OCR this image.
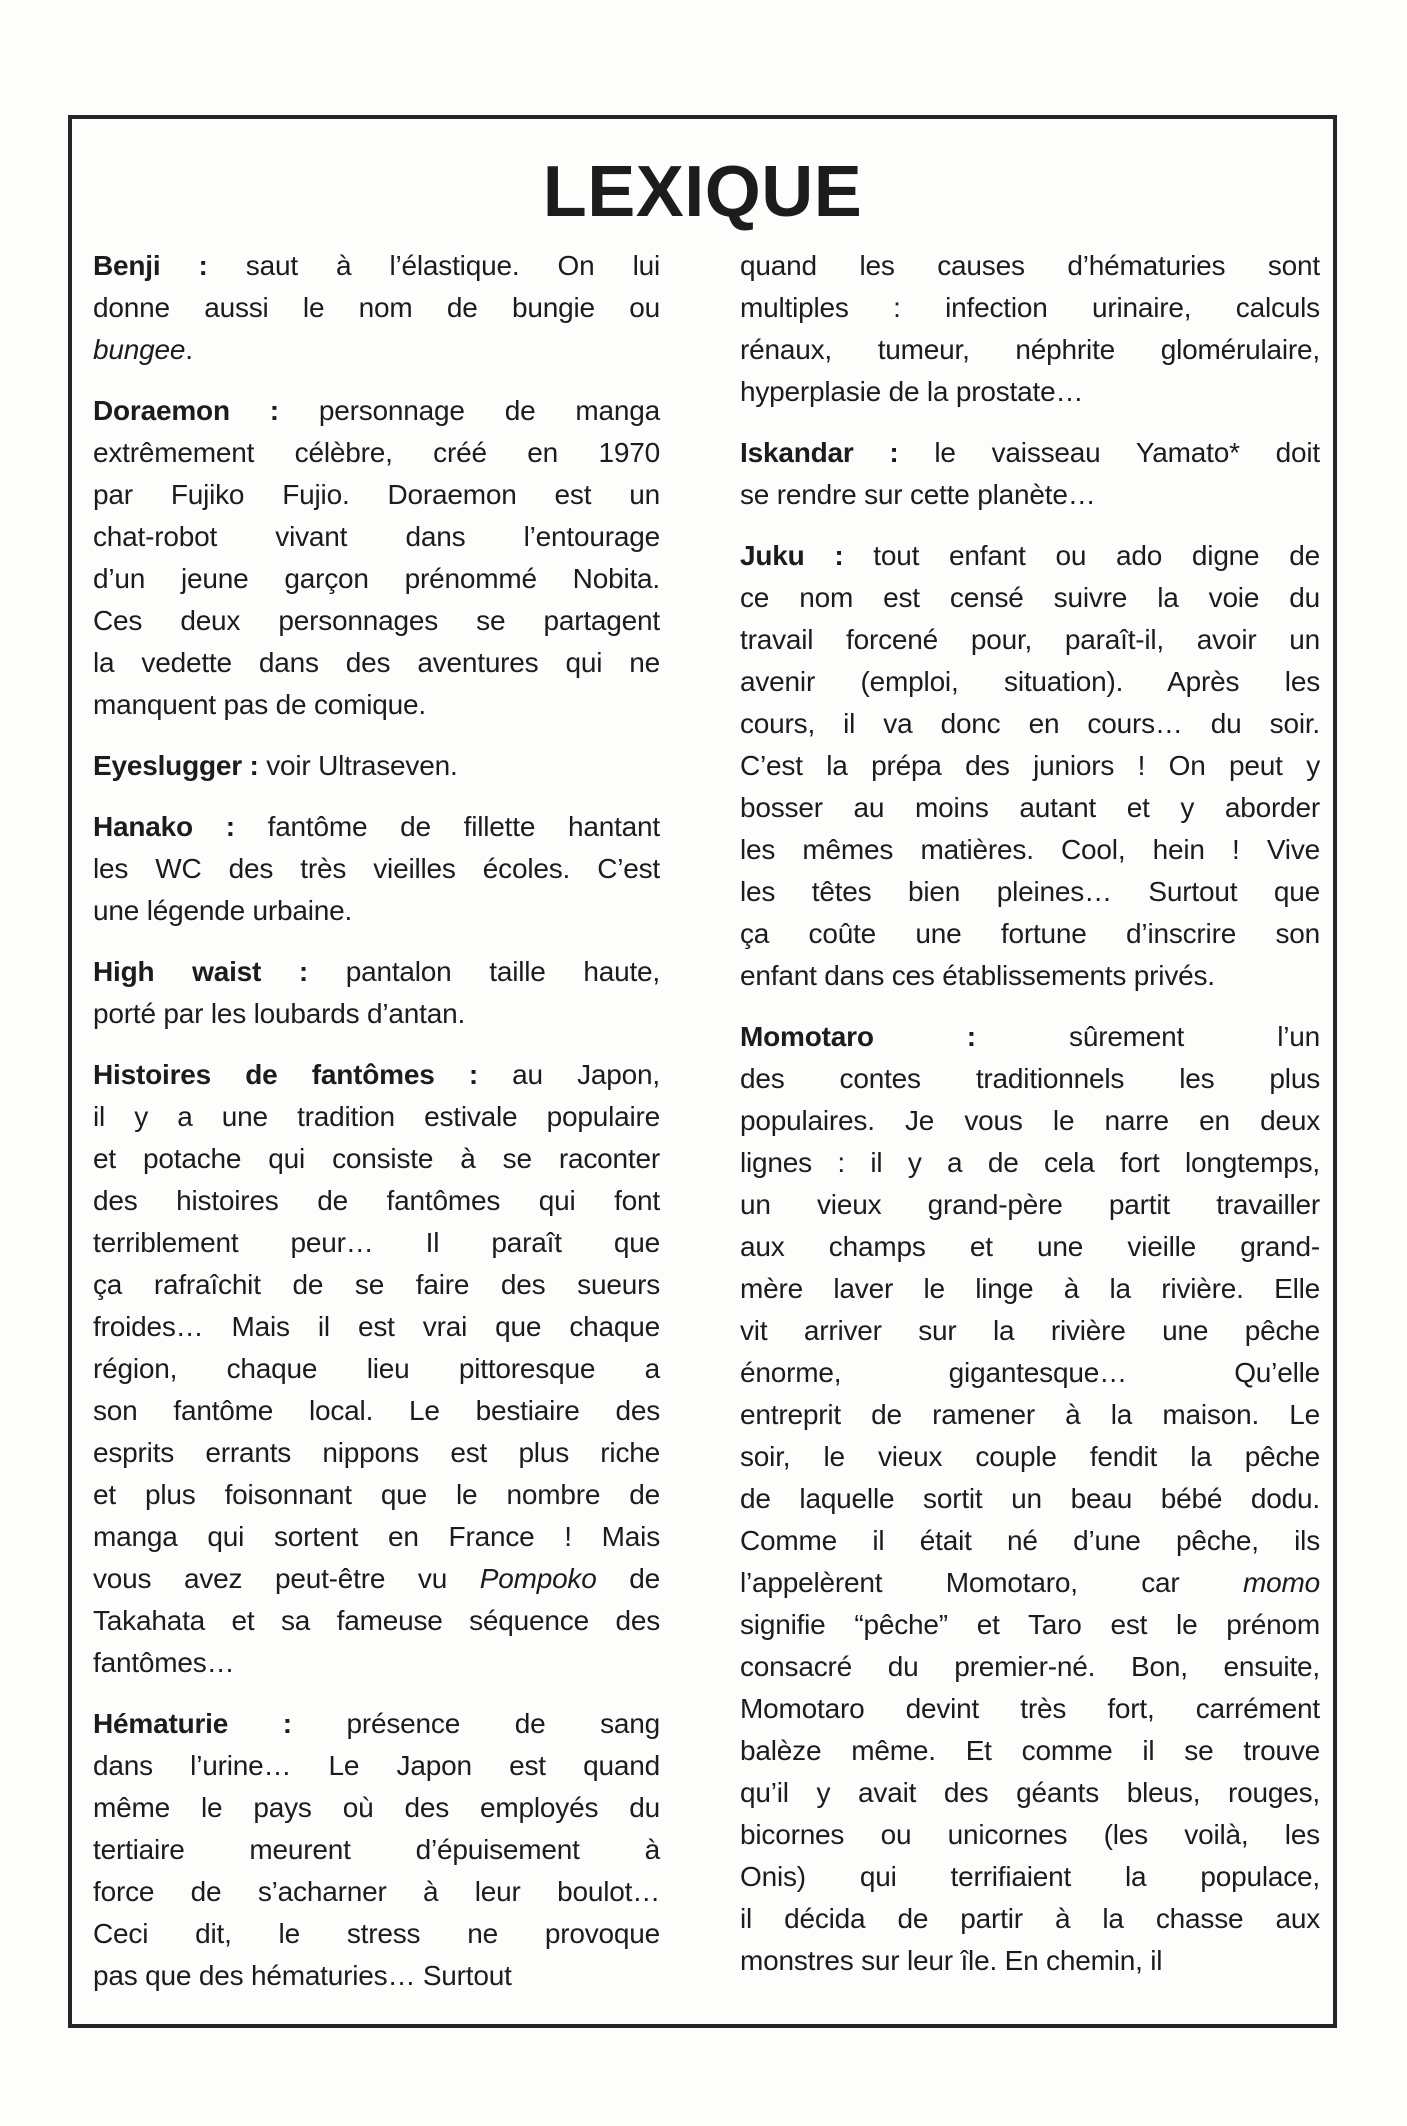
LEXIQUE
Benji : saut à l’élastique. On lui
donne aussi le nom de bungie ou
bungee.
Doraemon : personnage de manga
extrêmement célèbre, créé en 1970
par Fujiko Fujio. Doraemon est un
chat-robot vivant dans l’entourage
d’un jeune garçon prénommé Nobita.
Ces deux personnages se partagent
la vedette dans des aventures qui ne
manquent pas de comique.
Eyeslugger : voir Ultraseven.
Hanako : fantôme de fillette hantant
les WC des très vieilles écoles. C’est
une légende urbaine.
High waist : pantalon taille haute,
porté par les loubards d’antan.
Histoires de fantômes : au Japon,
il y a une tradition estivale populaire
et potache qui consiste à se raconter
des histoires de fantômes qui font
terriblement peur… Il paraît que
ça rafraîchit de se faire des sueurs
froides… Mais il est vrai que chaque
région, chaque lieu pittoresque a
son fantôme local. Le bestiaire des
esprits errants nippons est plus riche
et plus foisonnant que le nombre de
manga qui sortent en France ! Mais
vous avez peut-être vu Pompoko de
Takahata et sa fameuse séquence des
fantômes…
Hématurie : présence de sang
dans l’urine… Le Japon est quand
même le pays où des employés du
tertiaire meurent d’épuisement à
force de s’acharner à leur boulot…
Ceci dit, le stress ne provoque
pas que des hématuries… Surtout
quand les causes d’hématuries sont
multiples : infection urinaire, calculs
rénaux, tumeur, néphrite glomérulaire,
hyperplasie de la prostate…
Iskandar : le vaisseau Yamato* doit
se rendre sur cette planète…
Juku : tout enfant ou ado digne de
ce nom est censé suivre la voie du
travail forcené pour, paraît-il, avoir un
avenir (emploi, situation). Après les
cours, il va donc en cours… du soir.
C’est la prépa des juniors ! On peut y
bosser au moins autant et y aborder
les mêmes matières. Cool, hein ! Vive
les têtes bien pleines… Surtout que
ça coûte une fortune d’inscrire son
enfant dans ces établissements privés.
Momotaro : sûrement l’un
des contes traditionnels les plus
populaires. Je vous le narre en deux
lignes : il y a de cela fort longtemps,
un vieux grand-père partit travailler
aux champs et une vieille grand-
mère laver le linge à la rivière. Elle
vit arriver sur la rivière une pêche
énorme, gigantesque… Qu’elle
entreprit de ramener à la maison. Le
soir, le vieux couple fendit la pêche
de laquelle sortit un beau bébé dodu.
Comme il était né d’une pêche, ils
l’appelèrent Momotaro, car momo
signifie “pêche” et Taro est le prénom
consacré du premier-né. Bon, ensuite,
Momotaro devint très fort, carrément
balèze même. Et comme il se trouve
qu’il y avait des géants bleus, rouges,
bicornes ou unicornes (les voilà, les
Onis) qui terrifiaient la populace,
il décida de partir à la chasse aux
monstres sur leur île. En chemin, il
